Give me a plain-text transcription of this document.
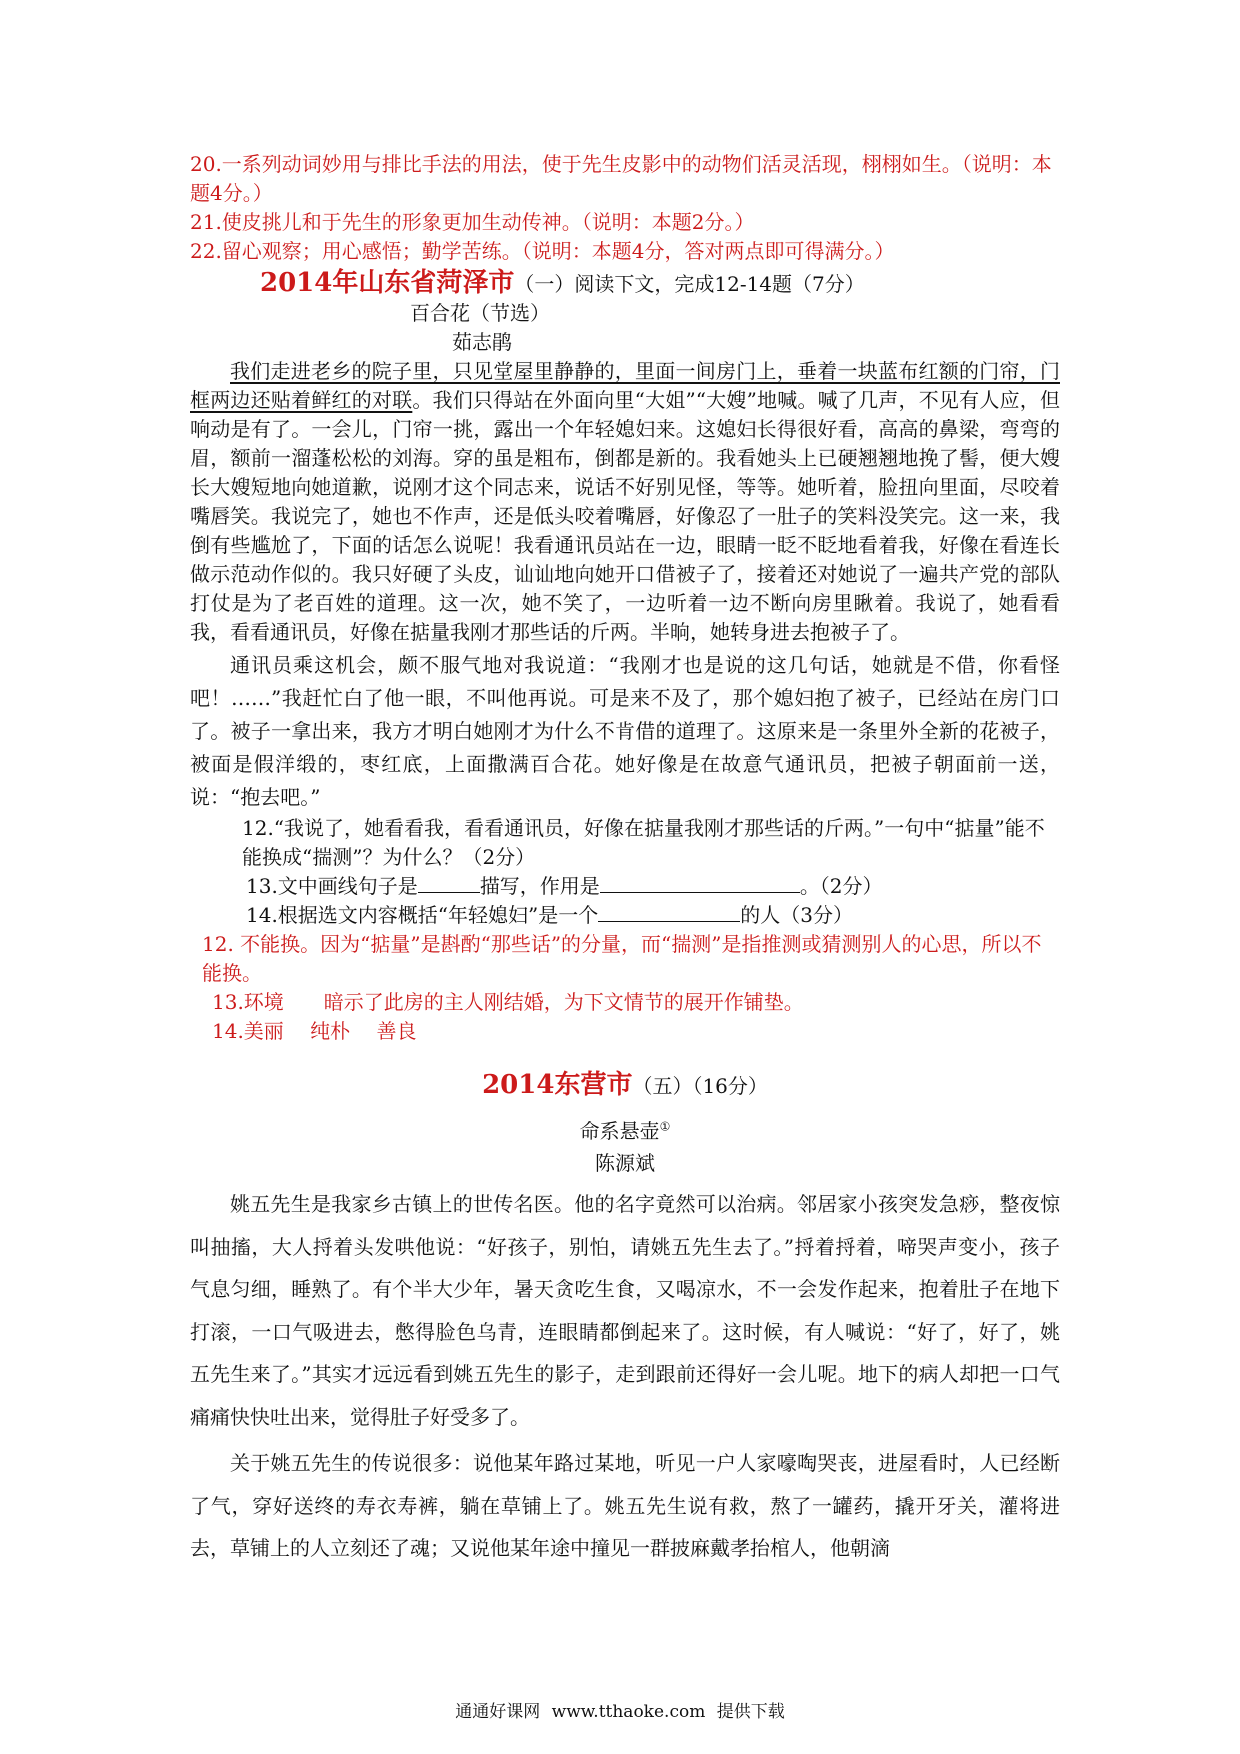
20.一系列动词妙用与排比手法的用法，使于先生皮影中的动物们活灵活现，栩栩如生。（说明：本题4分。）

21.使皮挑儿和于先生的形象更加生动传神。（说明：本题2分。）

22.留心观察；用心感悟；勤学苦练。（说明：本题4分，答对两点即可得满分。）

2014年山东省菏泽市（一）阅读下文，完成12-14题（7分）

百合花（节选）

茹志鹃

我们走进老乡的院子里，只见堂屋里静静的，里面一间房门上，垂着一块蓝布红额的门帘，门框两边还贴着鲜红的对联。我们只得站在外面向里“大姐”“大嫂”地喊。喊了几声，不见有人应，但响动是有了。一会儿，门帘一挑，露出一个年轻媳妇来。这媳妇长得很好看，高高的鼻梁，弯弯的眉，额前一溜蓬松松的刘海。穿的虽是粗布，倒都是新的。我看她头上已硬翘翘地挽了髻，便大嫂长大嫂短地向她道歉，说刚才这个同志来，说话不好别见怪，等等。她听着，脸扭向里面，尽咬着嘴唇笑。我说完了，她也不作声，还是低头咬着嘴唇，好像忍了一肚子的笑料没笑完。这一来，我倒有些尴尬了，下面的话怎么说呢！我看通讯员站在一边，眼睛一眨不眨地看着我，好像在看连长做示范动作似的。我只好硬了头皮，讪讪地向她开口借被子了，接着还对她说了一遍共产党的部队打仗是为了老百姓的道理。这一次，她不笑了，一边听着一边不断向房里瞅着。我说了，她看看我，看看通讯员，好像在掂量我刚才那些话的斤两。半晌，她转身进去抱被子了。

通讯员乘这机会，颇不服气地对我说道：“我刚才也是说的这几句话，她就是不借，你看怪吧！……”我赶忙白了他一眼，不叫他再说。可是来不及了，那个媳妇抱了被子，已经站在房门口了。被子一拿出来，我方才明白她刚才为什么不肯借的道理了。这原来是一条里外全新的花被子，被面是假洋缎的，枣红底，上面撒满百合花。她好像是在故意气通讯员，把被子朝面前一送，说：“抱去吧。”

12.“我说了，她看看我，看看通讯员，好像在掂量我刚才那些话的斤两。”一句中“掂量”能不能换成“揣测”？为什么？（2分）

13.文中画线句子是	描写，作用是	。（2分）

14.根据选文内容概括“年轻媳妇”是一个	的人（3分）

12. 不能换。因为“掂量”是斟酌“那些话”的分量，而“揣测”是指推测或猜测别人的心思，所以不能换。

13.环境　　暗示了此房的主人刚结婚，为下文情节的展开作铺垫。

14.美丽　 纯朴　 善良

2014东营市（五）（16分）

命系悬壶①

陈源斌

姚五先生是我家乡古镇上的世传名医。他的名字竟然可以治病。邻居家小孩突发急痧，整夜惊叫抽搐，大人捋着头发哄他说：“好孩子，别怕，请姚五先生去了。”捋着捋着，啼哭声变小，孩子气息匀细，睡熟了。有个半大少年，暑天贪吃生食，又喝凉水，不一会发作起来，抱着肚子在地下打滚，一口气吸进去，憋得脸色乌青，连眼睛都倒起来了。这时候，有人喊说：“好了，好了，姚五先生来了。”其实才远远看到姚五先生的影子，走到跟前还得好一会儿呢。地下的病人却把一口气痛痛快快吐出来，觉得肚子好受多了。

关于姚五先生的传说很多：说他某年路过某地，听见一户人家嚎啕哭丧，进屋看时，人已经断了气，穿好送终的寿衣寿裤，躺在草铺上了。姚五先生说有救，熬了一罐药，撬开牙关，灌将进去，草铺上的人立刻还了魂；又说他某年途中撞见一群披麻戴孝抬棺人，他朝滴

通通好课网 www.tthaoke.com 提供下载
